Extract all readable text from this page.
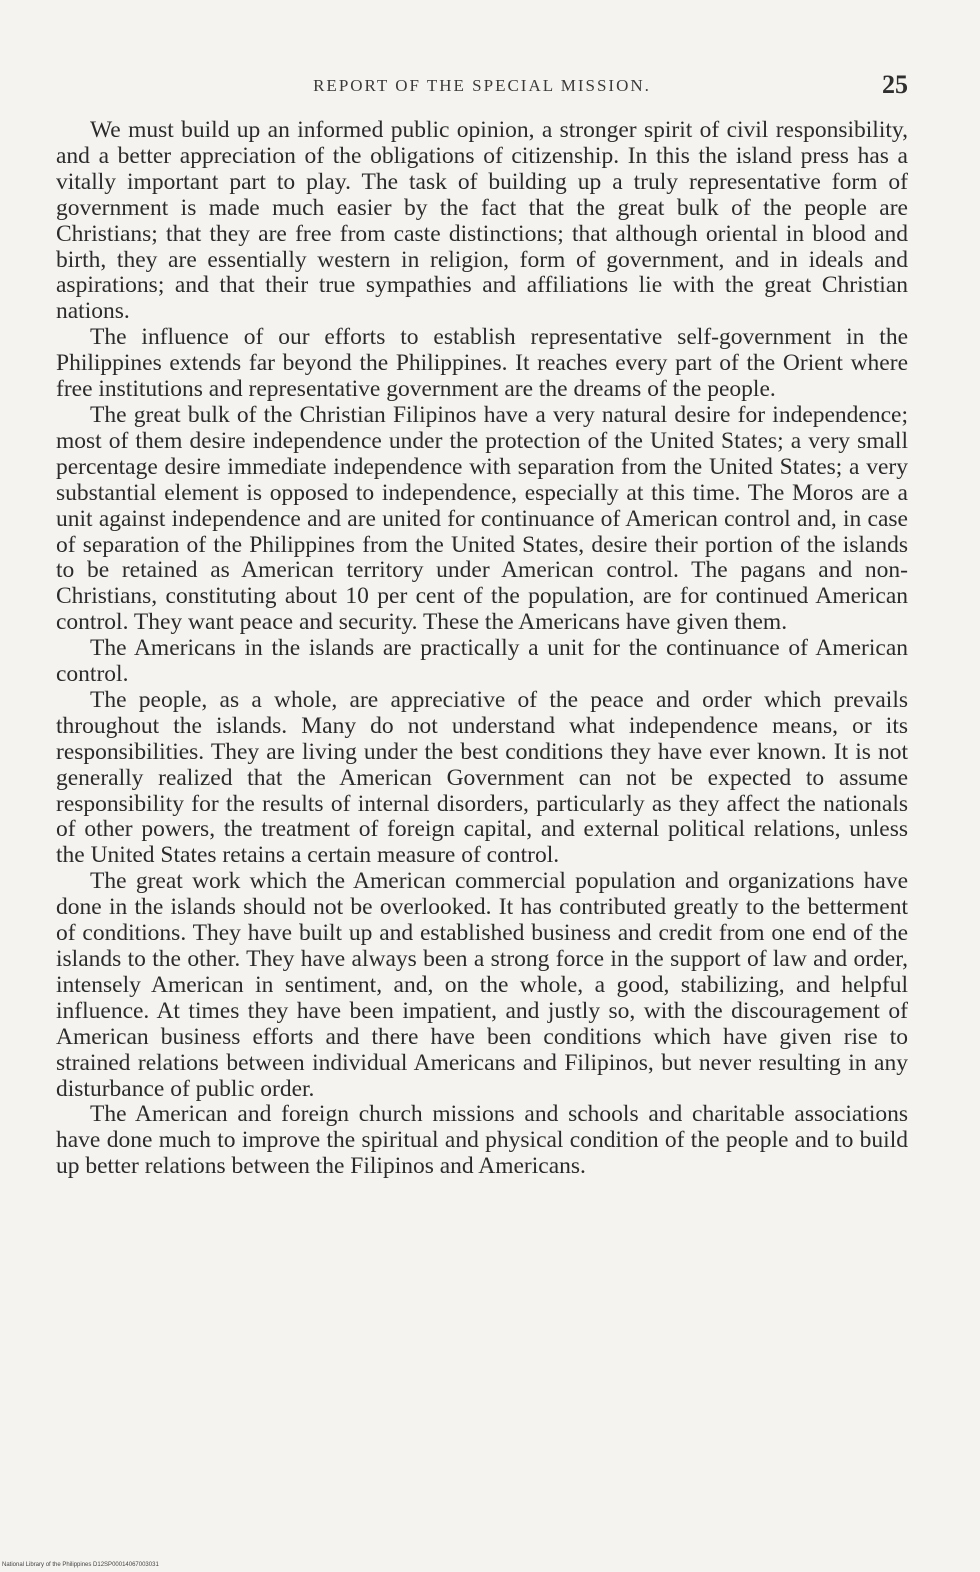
REPORT OF THE SPECIAL MISSION.	25

We must build up an informed public opinion, a stronger spirit of civil responsibility, and a better appreciation of the obligations of citizenship. In this the island press has a vitally important part to play. The task of building up a truly representative form of government is made much easier by the fact that the great bulk of the people are Christians; that they are free from caste distinctions; that although oriental in blood and birth, they are essentially western in religion, form of government, and in ideals and aspirations; and that their true sympathies and affiliations lie with the great Christian nations.

The influence of our efforts to establish representative self-government in the Philippines extends far beyond the Philippines. It reaches every part of the Orient where free institutions and representative government are the dreams of the people.

The great bulk of the Christian Filipinos have a very natural desire for independence; most of them desire independence under the protection of the United States; a very small percentage desire immediate independence with separation from the United States; a very substantial element is opposed to independence, especially at this time. The Moros are a unit against independence and are united for continuance of American control and, in case of separation of the Philippines from the United States, desire their portion of the islands to be retained as American territory under American control. The pagans and non-Christians, constituting about 10 per cent of the population, are for continued American control. They want peace and security. These the Americans have given them.

The Americans in the islands are practically a unit for the continuance of American control.

The people, as a whole, are appreciative of the peace and order which prevails throughout the islands. Many do not understand what independence means, or its responsibilities. They are living under the best conditions they have ever known. It is not generally realized that the American Government can not be expected to assume responsibility for the results of internal disorders, particularly as they affect the nationals of other powers, the treatment of foreign capital, and external political relations, unless the United States retains a certain measure of control.

The great work which the American commercial population and organizations have done in the islands should not be overlooked. It has contributed greatly to the betterment of conditions. They have built up and established business and credit from one end of the islands to the other. They have always been a strong force in the support of law and order, intensely American in sentiment, and, on the whole, a good, stabilizing, and helpful influence. At times they have been impatient, and justly so, with the discouragement of American business efforts and there have been conditions which have given rise to strained relations between individual Americans and Filipinos, but never resulting in any disturbance of public order.

The American and foreign church missions and schools and charitable associations have done much to improve the spiritual and physical condition of the people and to build up better relations between the Filipinos and Americans.

National Library of the Philippines D12SP00014067003031
